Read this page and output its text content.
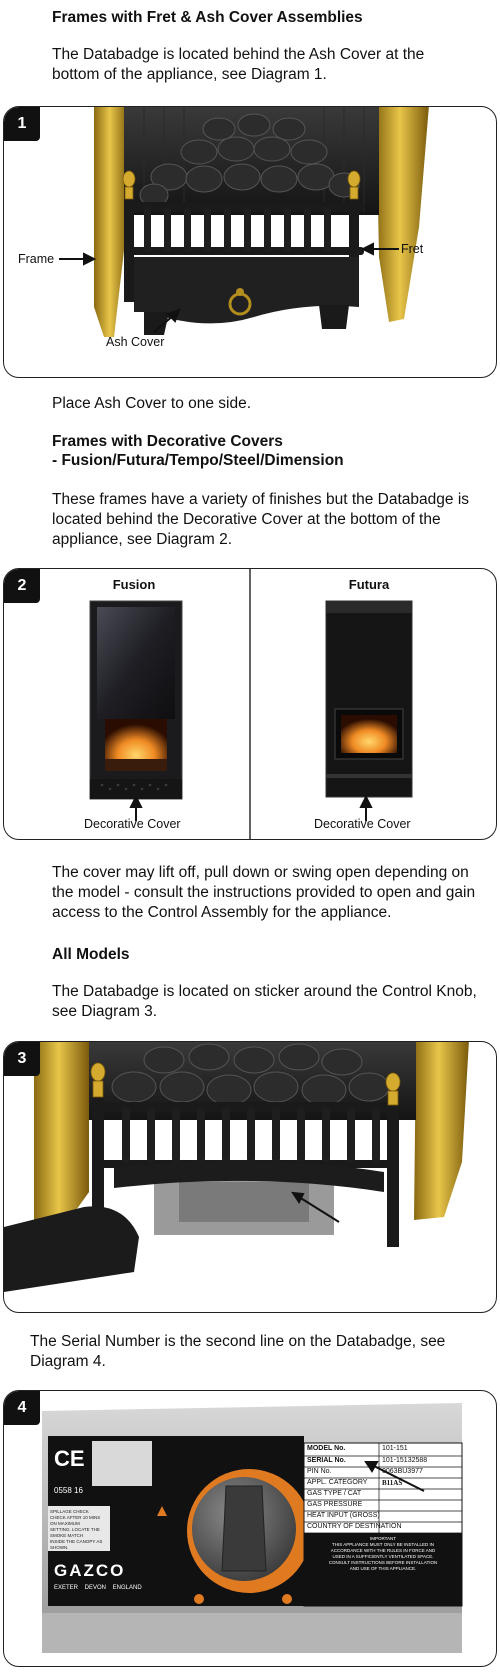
Frames with Fret & Ash Cover Assemblies
The Databadge is located behind the Ash Cover at the bottom of the appliance, see Diagram 1.
1
Frame
Fret
Ash Cover
Place Ash Cover to one side.
Frames with Decorative Covers
- Fusion/Futura/Tempo/Steel/Dimension
These frames have a variety of finishes but the Databadge is located behind the Decorative Cover at the bottom of the appliance, see Diagram 2.
2	Fusion	Futura
Decorative Cover	Decorative Cover
The cover may lift off, pull down or swing open depending on the model - consult the instructions provided to open and gain access to the Control Assembly for the appliance.
All Models
The Databadge is located on sticker around the Control Knob, see Diagram 3.
3
The Serial Number is the second line on the Databadge, see Diagram 4.
4
CE
0558 16
SPILLAGE CHECK
CHECK AFTER 10 MINS ON MAXIMUM
SETTING. LOCATE THE SMOKE MATCH
INSIDE THE CANOPY AS SHOWN.
GAZCO
EXETER    DEVON    ENGLAND
MODEL No.	101-151
SERIAL No.	101-15132588
PIN No.	0063BU3977
APPL. CATEGORY B11AS
GAS TYPE / CAT
GAS PRESSURE
HEAT INPUT (GROSS)
COUNTRY OF DESTINATION
IMPORTANT
THIS APPLIANCE MUST ONLY BE INSTALLED IN
ACCORDANCE WITH THE RULES IN FORCE AND
USED IN A SUFFICIENTLY VENTILATED SPACE.
CONSULT INSTRUCTIONS BEFORE INSTALLATION
AND USE OF THIS APPLIANCE.
